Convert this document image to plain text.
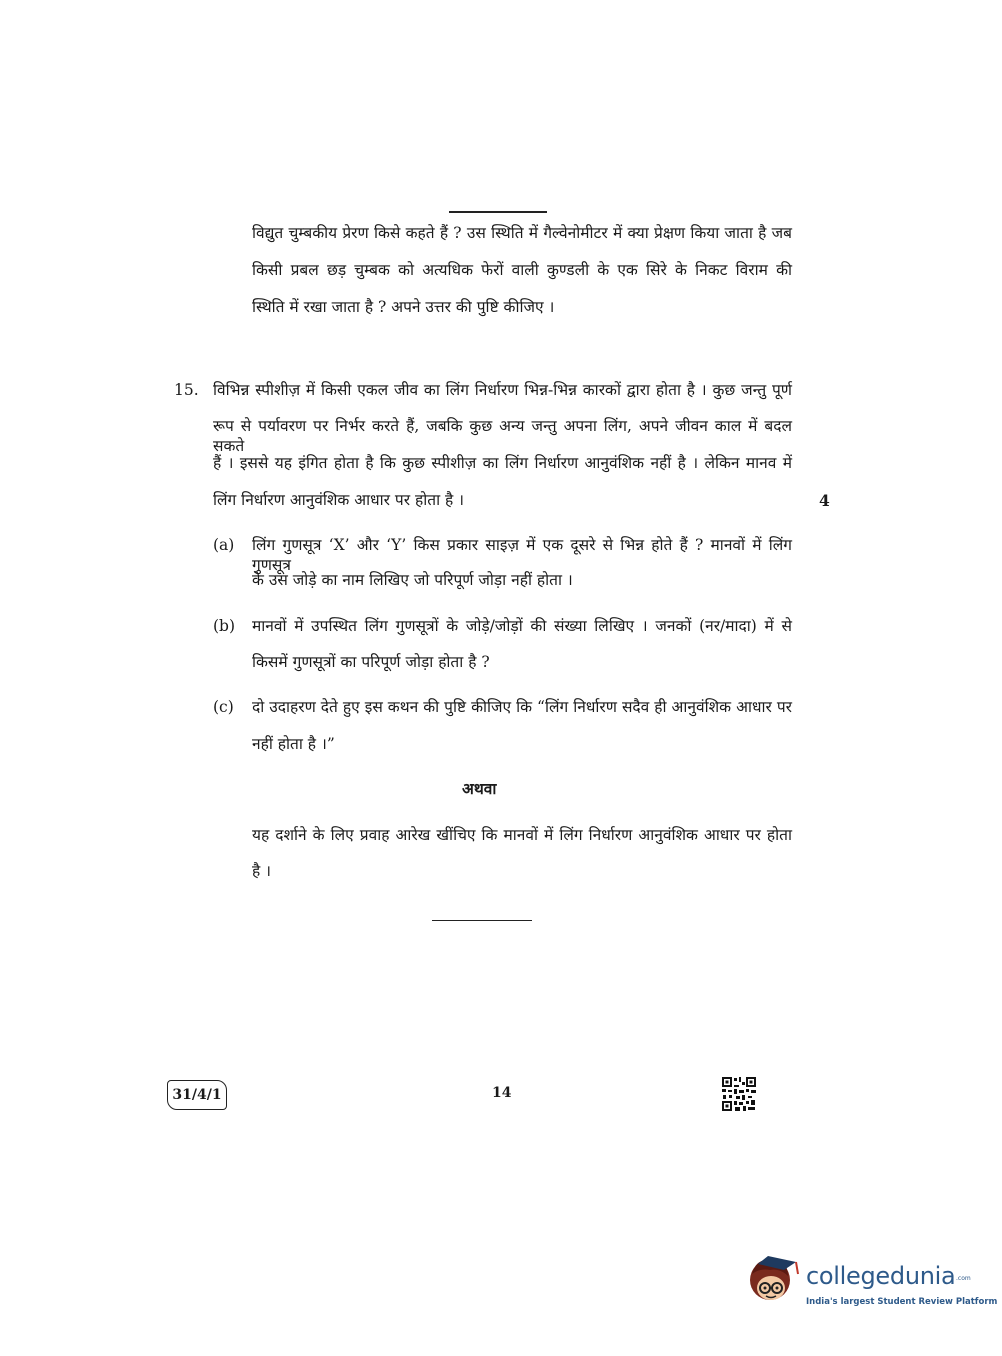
विद्युत चुम्बकीय प्रेरण किसे कहते हैं ? उस स्थिति में गैल्वेनोमीटर में क्या प्रेक्षण किया जाता है जब
किसी प्रबल छड़ चुम्बक को अत्यधिक फेरों वाली कुण्डली के एक सिरे के निकट विराम की
स्थिति में रखा जाता है ? अपने उत्तर की पुष्टि कीजिए ।
15. विभिन्न स्पीशीज़ में किसी एकल जीव का लिंग निर्धारण भिन्न-भिन्न कारकों द्वारा होता है । कुछ जन्तु पूर्ण
रूप से पर्यावरण पर निर्भर करते हैं, जबकि कुछ अन्य जन्तु अपना लिंग, अपने जीवन काल में बदल सकते
हैं । इससे यह इंगित होता है कि कुछ स्पीशीज़ का लिंग निर्धारण आनुवंशिक नहीं है । लेकिन मानव में
लिंग निर्धारण आनुवंशिक आधार पर होता है ।	4
(a) लिंग गुणसूत्र ‘X’ और ‘Y’ किस प्रकार साइज़ में एक दूसरे से भिन्न होते हैं ? मानवों में लिंग गुणसूत्र
के उस जोड़े का नाम लिखिए जो परिपूर्ण जोड़ा नहीं होता ।
(b) मानवों में उपस्थित लिंग गुणसूत्रों के जोड़े/जोड़ों की संख्या लिखिए । जनकों (नर/मादा) में से
किसमें गुणसूत्रों का परिपूर्ण जोड़ा होता है ?
(c) दो उदाहरण देते हुए इस कथन की पुष्टि कीजिए कि “लिंग निर्धारण सदैव ही आनुवंशिक आधार पर
नहीं होता है ।”
अथवा
यह दर्शाने के लिए प्रवाह आरेख खींचिए कि मानवों में लिंग निर्धारण आनुवंशिक आधार पर होता
है ।
31/4/1	14
collegedunia .com
India's largest Student Review Platform
